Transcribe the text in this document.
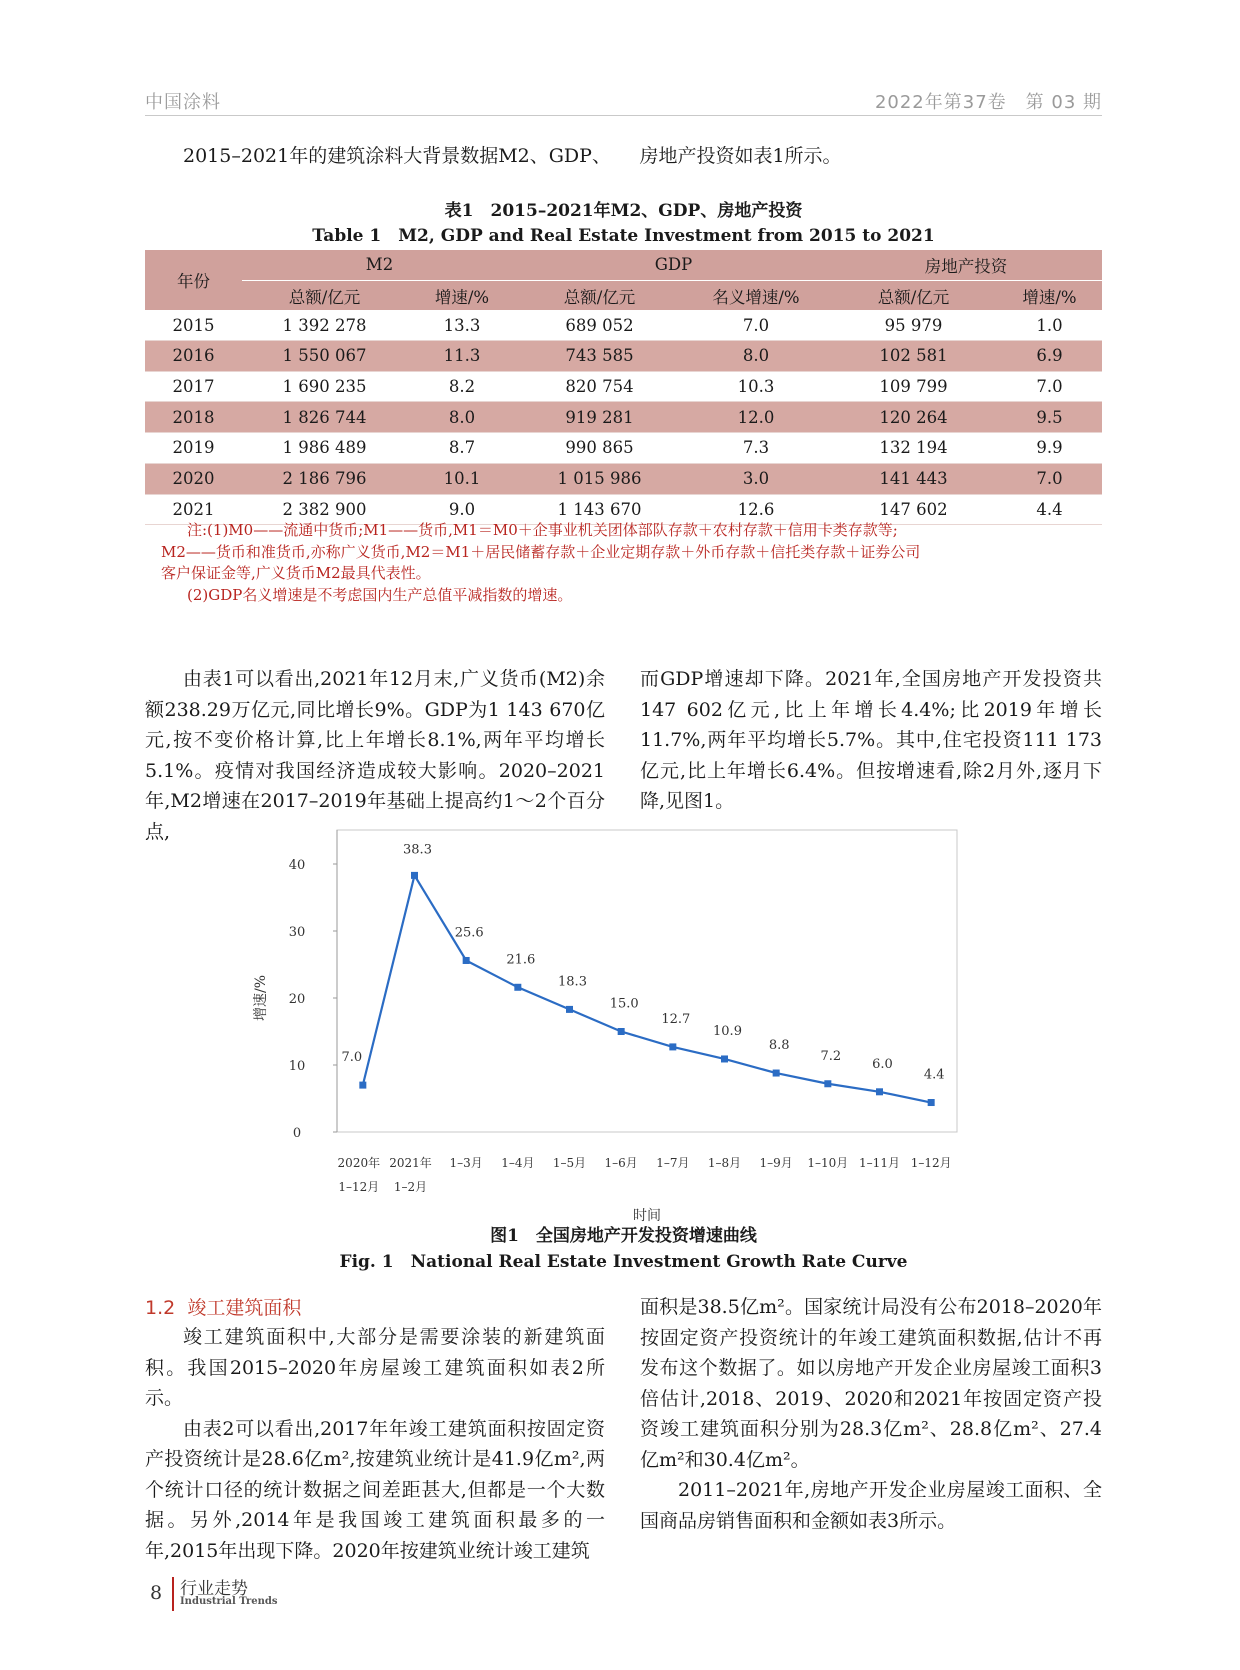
中国涂料	2022年第37卷　第 03 期
2015–2021年的建筑涂料大背景数据M2、GDP、　　房地产投资如表1所示。
表1　2015–2021年M2、GDP、房地产投资
Table 1　M2, GDP and Real Estate Investment from 2015 to 2021
年份	M2		GDP		房地产投资	
	总额/亿元	增速/%	总额/亿元	名义增速/%	总额/亿元	增速/%
2015	1 392 278	13.3	689 052	7.0	95 979	1.0
2016	1 550 067	11.3	743 585	8.0	102 581	6.9
2017	1 690 235	8.2	820 754	10.3	109 799	7.0
2018	1 826 744	8.0	919 281	12.0	120 264	9.5
2019	1 986 489	8.7	990 865	7.3	132 194	9.9
2020	2 186 796	10.1	1 015 986	3.0	141 443	7.0
2021	2 382 900	9.0	1 143 670	12.6	147 602	4.4
注:(1)M0——流通中货币;M1——货币,M1＝M0＋企事业机关团体部队存款＋农村存款＋信用卡类存款等;
M2——货币和准货币,亦称广义货币,M2＝M1＋居民储蓄存款＋企业定期存款＋外币存款＋信托类存款＋证券公司
客户保证金等,广义货币M2最具代表性。
(2)GDP名义增速是不考虑国内生产总值平减指数的增速。

由表1可以看出,2021年12月末,广义货币(M2)余额238.29万亿元,同比增长9%。GDP为1 143 670亿元,按不变价格计算,比上年增长8.1%,两年平均增长5.1%。疫情对我国经济造成较大影响。2020–2021年,M2增速在2017–2019年基础上提高约1～2个百分点,

而GDP增速却下降。2021年,全国房地产开发投资共147 602亿元,比上年增长4.4%;比2019年增长11.7%,两年平均增长5.7%。其中,住宅投资111 173亿元,比上年增长6.4%。但按增速看,除2月外,逐月下降,见图1。

0
10
20
30
40
增速/%
7.0
38.3
25.6
21.6
18.3
15.0
12.7
10.9
8.8
7.2
6.0
4.4
2020年
1–12月
2021年
1–2月
1–3月 1–4月 1–5月 1–6月 1–7月 1–8月 1–9月 1–10月 1–11月 1–12月
时间
图1　全国房地产开发投资增速曲线
Fig. 1　National Real Estate Investment Growth Rate Curve
1.2 竣工建筑面积

竣工建筑面积中,大部分是需要涂装的新建筑面积。我国2015–2020年房屋竣工建筑面积如表2所示。

由表2可以看出,2017年年竣工建筑面积按固定资产投资统计是28.6亿m²,按建筑业统计是41.9亿m²,两个统计口径的统计数据之间差距甚大,但都是一个大数据。另外,2014年是我国竣工建筑面积最多的一年,2015年出现下降。2020年按建筑业统计竣工建筑

面积是38.5亿m²。国家统计局没有公布2018–2020年按固定资产投资统计的年竣工建筑面积数据,估计不再发布这个数据了。如以房地产开发企业房屋竣工面积3倍估计,2018、2019、2020和2021年按固定资产投资竣工建筑面积分别为28.3亿m²、28.8亿m²、27.4亿m²和30.4亿m²。

2011–2021年,房地产开发企业房屋竣工面积、全国商品房销售面积和金额如表3所示。

8 行业走势
Industrial Trends
